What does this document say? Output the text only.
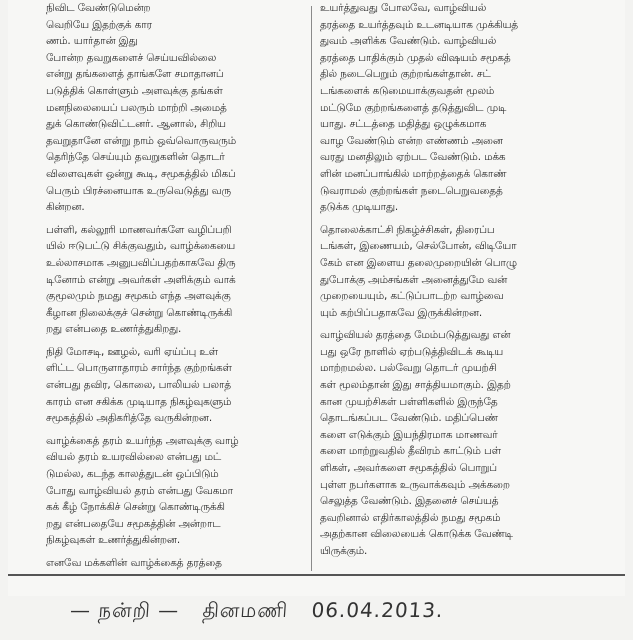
நிவிட வேண்டுமென்ற

வெறியே இதற்குக் கார

ணம். யார்தான் இது

போன்ற தவறுகளைச் செய்யவில்லை

என்று தங்களைத் தாங்களே சமாதானப்

படுத்திக் கொள்ளும் அளவுக்கு தங்கள்

மனநிலையைப் பலரும் மாற்றி அமைத்

துக் கொண்டுவிட்டனர். ஆனால், சிறிய

தவறுதானே என்று நாம் ஒவ்வொருவரும்

தெரிந்தே செய்யும் தவறுகளின் தொடர்

விளைவுகள் ஒன்று கூடி, சமூகத்தில் மிகப்

பெரும் பிரச்னையாக உருவெடுத்து வரு

கின்றன.

பள்ளி, கல்லூரி மாணவர்களே வழிப்பறி

யில் ஈடுபட்டு சிக்குவதும், வாழ்க்கையை

உல்லாசமாக அனுபவிப்பதற்காகவே திரு

டினோம் என்று அவர்கள் அளிக்கும் வாக்

குமூலமும் நமது சமூகம் எந்த அளவுக்கு

கீழான நிலைக்குச் சென்று கொண்டிருக்கி

றது என்பதை உணர்த்துகிறது.

நிதி மோசடி, ஊழல், வரி ஏய்ப்பு உள்

ளிட்ட பொருளாதாரம் சார்ந்த குற்றங்கள்

என்பது தவிர, கொலை, பாலியல் பலாத்

காரம் என சகிக்க முடியாத நிகழ்வுகளும்

சமூகத்தில் அதிகரித்தே வருகின்றன.

வாழ்க்கைத் தரம் உயர்ந்த அளவுக்கு வாழ்

வியல் தரம் உயரவில்லை என்பது மட்

டுமல்ல, கடந்த காலத்துடன் ஒப்பிடும்

போது வாழ்வியல் தரம் என்பது வேகமா

கக் கீழ் நோக்கிச் சென்று கொண்டிருக்கி

றது என்பதையே சமூகத்தின் அன்றாட

நிகழ்வுகள் உணர்த்துகின்றன.

எனவே மக்களின் வாழ்க்கைத் தரத்தை

உயர்த்துவது போலவே, வாழ்வியல்

தரத்தை உயர்த்தவும் உடனடியாக முக்கியத்

துவம் அளிக்க வேண்டும். வாழ்வியல்

தரத்தை பாதிக்கும் முதல் விஷயம் சமூகத்

தில் நடைபெறும் குற்றங்கள்தான். சட்

டங்களைக் கடுமையாக்குவதன் மூலம்

மட்டுமே குற்றங்களைத் தடுத்துவிட முடி

யாது. சட்டத்தை மதித்து ஒழுக்கமாக

வாழ வேண்டும் என்ற எண்ணம் அனை

வரது மனதிலும் ஏற்பட வேண்டும். மக்க

ளின் மனப்பாங்கில் மாற்றத்தைக் கொண்

டுவராமல் குற்றங்கள் நடைபெறுவதைத்

தடுக்க முடியாது.

தொலைக்காட்சி நிகழ்ச்சிகள், திரைப்ப

டங்கள், இணையம், செல்போன், விடியோ

கேம் என இளைய தலைமுறையின் பொழு

துபோக்கு அம்சங்கள் அனைத்துமே வன்

முறையையும், கட்டுப்பாடற்ற வாழ்வை

யும் கற்பிப்பதாகவே இருக்கின்றன.

வாழ்வியல் தரத்தை மேம்படுத்துவது என்

பது ஒரே நாளில் ஏற்படுத்திவிடக் கூடிய

மாற்றமல்ல. பல்வேறு தொடர் முயற்சி

கள் மூலம்தான் இது சாத்தியமாகும். இதற்

கான முயற்சிகள் பள்ளிகளில் இருந்தே

தொடங்கப்பட வேண்டும். மதிப்பெண்

களை எடுக்கும் இயந்திரமாக மாணவர்

களை மாற்றுவதில் தீவிரம் காட்டும் பள்

ளிகள், அவர்களை சமூகத்தில் பொறுப்

புள்ள நபர்களாக உருவாக்கவும் அக்கறை

செலுத்த வேண்டும். இதனைச் செய்யத்

தவறினால் எதிர்காலத்தில் நமது சமூகம்

அதற்கான விலையைக் கொடுக்க வேண்டி

யிருக்கும்.

— நன்றி — தினமணி 06.04.2013.
